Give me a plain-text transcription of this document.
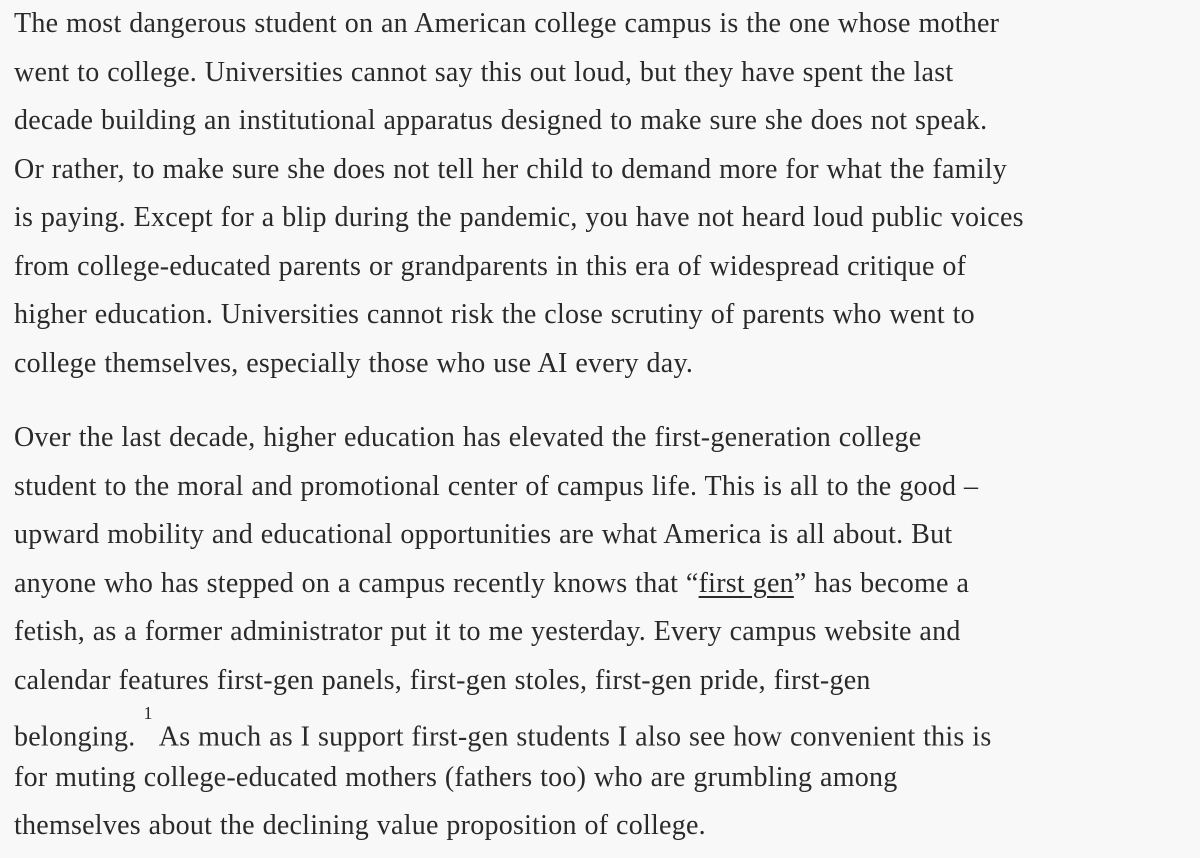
The most dangerous student on an American college campus is the one whose mother
went to college. Universities cannot say this out loud, but they have spent the last
decade building an institutional apparatus designed to make sure she does not speak.
Or rather, to make sure she does not tell her child to demand more for what the family
is paying. Except for a blip during the pandemic, you have not heard loud public voices
from college-educated parents or grandparents in this era of widespread critique of
higher education. Universities cannot risk the close scrutiny of parents who went to
college themselves, especially those who use AI every day.

Over the last decade, higher education has elevated the first-generation college
student to the moral and promotional center of campus life. This is all to the good –
upward mobility and educational opportunities are what America is all about. But
anyone who has stepped on a campus recently knows that “first gen” has become a
fetish, as a former administrator put it to me yesterday. Every campus website and
calendar features first-gen panels, first-gen stoles, first-gen pride, first-gen
belonging.$^1$As much as I support first-gen students I also see how convenient this is
for muting college-educated mothers (fathers too) who are grumbling among
themselves about the declining value proposition of college.
